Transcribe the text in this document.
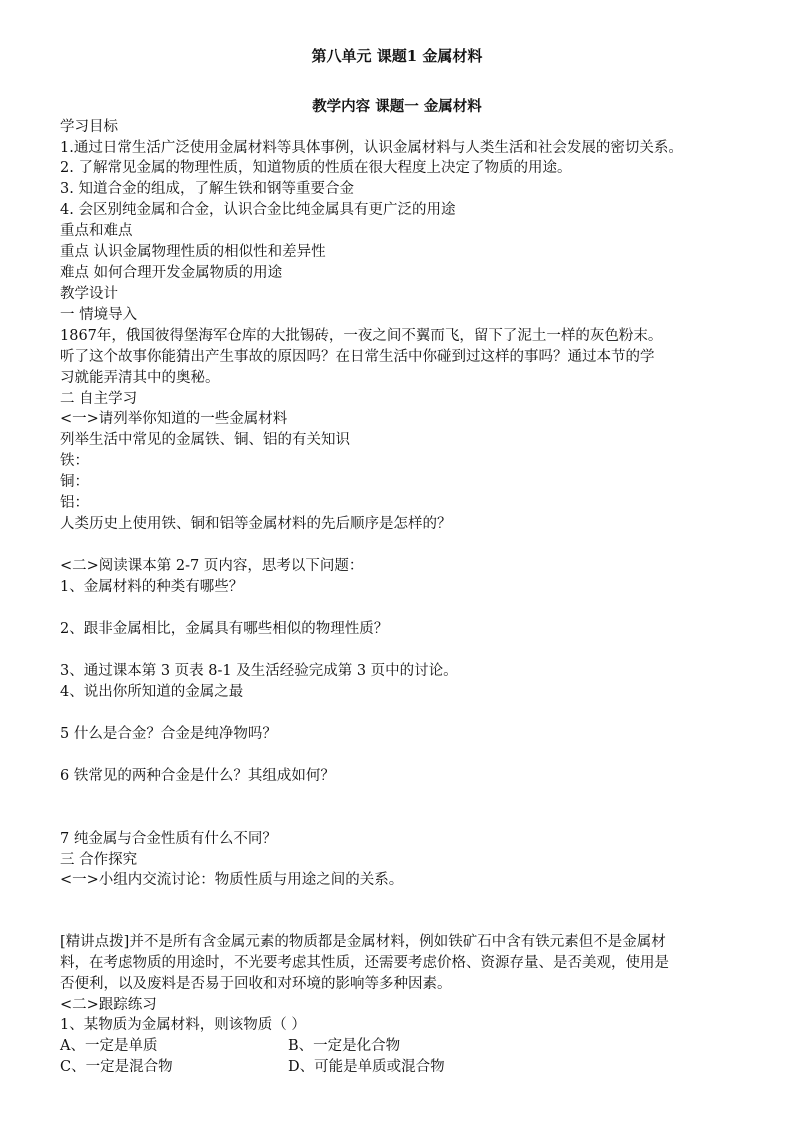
第八单元 课题1 金属材料
教学内容 课题一 金属材料
学习目标
1.通过日常生活广泛使用金属材料等具体事例，认识金属材料与人类生活和社会发展的密切关系。
2. 了解常见金属的物理性质，知道物质的性质在很大程度上决定了物质的用途。
3. 知道合金的组成，了解生铁和钢等重要合金
4. 会区别纯金属和合金，认识合金比纯金属具有更广泛的用途
重点和难点
重点 认识金属物理性质的相似性和差异性
难点 如何合理开发金属物质的用途
教学设计
一 情境导入
1867年，俄国彼得堡海军仓库的大批锡砖，一夜之间不翼而飞，留下了泥土一样的灰色粉末。
听了这个故事你能猜出产生事故的原因吗？在日常生活中你碰到过这样的事吗？通过本节的学
习就能弄清其中的奥秘。
二 自主学习
<一>请列举你知道的一些金属材料
列举生活中常见的金属铁、铜、铝的有关知识
铁：
铜：
铝：
人类历史上使用铁、铜和铝等金属材料的先后顺序是怎样的？
<二>阅读课本第 2-7 页内容，思考以下问题：
1、金属材料的种类有哪些？
2、跟非金属相比，金属具有哪些相似的物理性质？
3、通过课本第 3 页表 8-1 及生活经验完成第 3 页中的讨论。
4、说出你所知道的金属之最
5 什么是合金？合金是纯净物吗？
6 铁常见的两种合金是什么？其组成如何？
7 纯金属与合金性质有什么不同？
三 合作探究
<一>小组内交流讨论：物质性质与用途之间的关系。
[精讲点拨]并不是所有含金属元素的物质都是金属材料，例如铁矿石中含有铁元素但不是金属材
料，在考虑物质的用途时，不光要考虑其性质，还需要考虑价格、资源存量、是否美观，使用是
否便利，以及废料是否易于回收和对环境的影响等多种因素。
<二>跟踪练习
1、某物质为金属材料，则该物质（ ）
A、一定是单质	B、一定是化合物
C、一定是混合物	D、可能是单质或混合物
